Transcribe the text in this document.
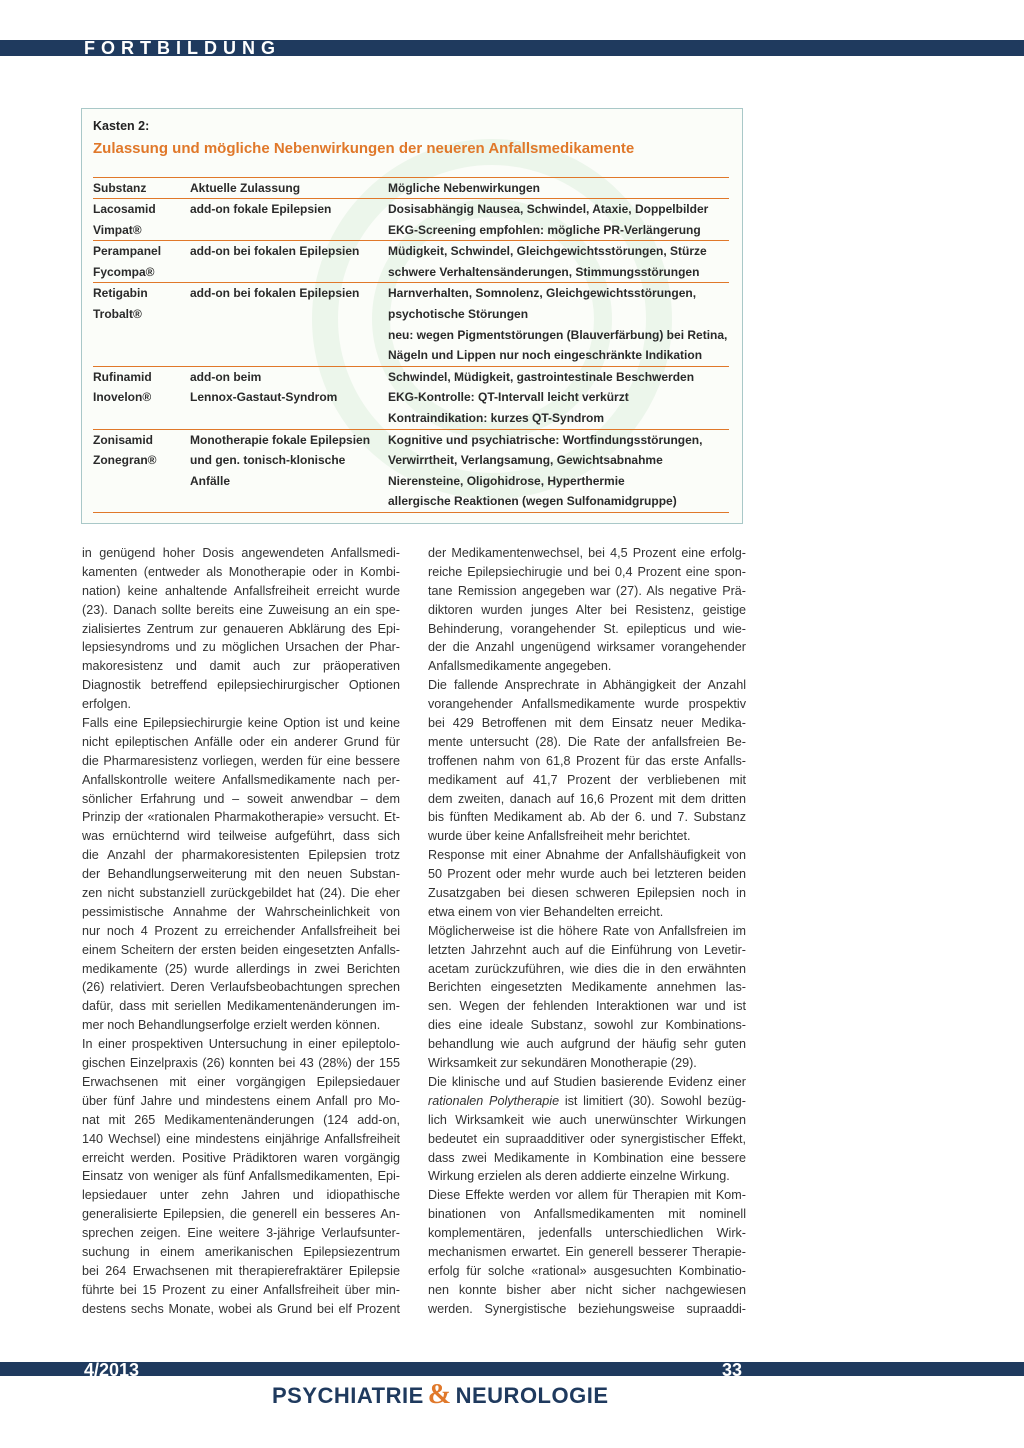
FORTBILDUNG
Kasten 2:
Zulassung und mögliche Nebenwirkungen der neueren Anfallsmedikamente
Substanz	Aktuelle Zulassung	Mögliche Nebenwirkungen

Lacosamid	add-on fokale Epilepsien	Dosisabhängig Nausea, Schwindel, Ataxie, Doppelbilder

Vimpat®		EKG-Screening empfohlen: mögliche PR-Verlängerung

Perampanel	add-on bei fokalen Epilepsien	Müdigkeit, Schwindel, Gleichgewichtsstörungen, Stürze

Fycompa®		schwere Verhaltensänderungen, Stimmungsstörungen

Retigabin	add-on bei fokalen Epilepsien	Harnverhalten, Somnolenz, Gleichgewichtsstörungen,

Trobalt®		psychotische Störungen

		neu: wegen Pigmentstörungen (Blauverfärbung) bei Retina,

		Nägeln und Lippen nur noch eingeschränkte Indikation

Rufinamid	add-on beim	Schwindel, Müdigkeit, gastrointestinale Beschwerden

Inovelon®	Lennox-Gastaut-Syndrom	EKG-Kontrolle: QT-Intervall leicht verkürzt

		Kontraindikation: kurzes QT-Syndrom

Zonisamid	Monotherapie fokale Epilepsien	Kognitive und psychiatrische: Wortfindungsstörungen,

Zonegran®	und gen. tonisch-klonische	Verwirrtheit, Verlangsamung, Gewichtsabnahme

	Anfälle	Nierensteine, Oligohidrose, Hyperthermie

		allergische Reaktionen (wegen Sulfonamidgruppe)
in genügend hoher Dosis angewendeten Anfallsmedi-
kamenten (entweder als Monotherapie oder in Kombi-
nation) keine anhaltende Anfallsfreiheit erreicht wurde
(23). Danach sollte bereits eine Zuweisung an ein spe-
zialisiertes Zentrum zur genaueren Abklärung des Epi-
lepsiesyndroms und zu möglichen Ursachen der Phar-
makoresistenz und damit auch zur präoperativen
Diagnostik betreffend epilepsiechirurgischer Optionen
erfolgen.
Falls eine Epilepsiechirurgie keine Option ist und keine
nicht epileptischen Anfälle oder ein anderer Grund für
die Pharmaresistenz vorliegen, werden für eine bessere
Anfallskontrolle weitere Anfallsmedikamente nach per-
sönlicher Erfahrung und – soweit anwendbar – dem
Prinzip der «rationalen Pharmakotherapie» versucht. Et-
was ernüchternd wird teilweise aufgeführt, dass sich
die Anzahl der pharmakoresistenten Epilepsien trotz
der Behandlungserweiterung mit den neuen Substan-
zen nicht substanziell zurückgebildet hat (24). Die eher
pessimistische Annahme der Wahrscheinlichkeit von
nur noch 4 Prozent zu erreichender Anfallsfreiheit bei
einem Scheitern der ersten beiden eingesetzten Anfalls-
medikamente (25) wurde allerdings in zwei Berichten
(26) relativiert. Deren Verlaufsbeobachtungen sprechen
dafür, dass mit seriellen Medikamentenänderungen im-
mer noch Behandlungserfolge erzielt werden können.
In einer prospektiven Untersuchung in einer epileptolo-
gischen Einzelpraxis (26) konnten bei 43 (28%) der 155
Erwachsenen mit einer vorgängigen Epilepsiedauer
über fünf Jahre und mindestens einem Anfall pro Mo-
nat mit 265 Medikamentenänderungen (124 add-on,
140 Wechsel) eine mindestens einjährige Anfallsfreiheit
erreicht werden. Positive Prädiktoren waren vorgängig
Einsatz von weniger als fünf Anfallsmedikamenten, Epi-
lepsiedauer unter zehn Jahren und idiopathische
generalisierte Epilepsien, die generell ein besseres An-
sprechen zeigen. Eine weitere 3-jährige Verlaufsunter-
suchung in einem amerikanischen Epilepsiezentrum
bei 264 Erwachsenen mit therapierefraktärer Epilepsie
führte bei 15 Prozent zu einer Anfallsfreiheit über min-
destens sechs Monate, wobei als Grund bei elf Prozent
der Medikamentenwechsel, bei 4,5 Prozent eine erfolg-
reiche Epilepsiechirugie und bei 0,4 Prozent eine spon-
tane Remission angegeben war (27). Als negative Prä-
diktoren wurden junges Alter bei Resistenz, geistige
Behinderung, vorangehender St. epilepticus und wie-
der die Anzahl ungenügend wirksamer vorangehender
Anfallsmedikamente angegeben.
Die fallende Ansprechrate in Abhängigkeit der Anzahl
vorangehender Anfallsmedikamente wurde prospektiv
bei 429 Betroffenen mit dem Einsatz neuer Medika-
mente untersucht (28). Die Rate der anfallsfreien Be-
troffenen nahm von 61,8 Prozent für das erste Anfalls-
medikament auf 41,7 Prozent der verbliebenen mit
dem zweiten, danach auf 16,6 Prozent mit dem dritten
bis fünften Medikament ab. Ab der 6. und 7. Substanz
wurde über keine Anfallsfreiheit mehr berichtet.
Response mit einer Abnahme der Anfallshäufigkeit von
50 Prozent oder mehr wurde auch bei letzteren beiden
Zusatzgaben bei diesen schweren Epilepsien noch in
etwa einem von vier Behandelten erreicht.
Möglicherweise ist die höhere Rate von Anfallsfreien im
letzten Jahrzehnt auch auf die Einführung von Levetir-
acetam zurückzuführen, wie dies die in den erwähnten
Berichten eingesetzten Medikamente annehmen las-
sen. Wegen der fehlenden Interaktionen war und ist
dies eine ideale Substanz, sowohl zur Kombinations-
behandlung wie auch aufgrund der häufig sehr guten
Wirksamkeit zur sekundären Monotherapie (29).
Die klinische und auf Studien basierende Evidenz einer
rationalen Polytherapie ist limitiert (30). Sowohl bezüg-
lich Wirksamkeit wie auch unerwünschter Wirkungen
bedeutet ein supraadditiver oder synergistischer Effekt,
dass zwei Medikamente in Kombination eine bessere
Wirkung erzielen als deren addierte einzelne Wirkung.
Diese Effekte werden vor allem für Therapien mit Kom-
binationen von Anfallsmedikamenten mit nominell
komplementären, jedenfalls unterschiedlichen Wirk-
mechanismen erwartet. Ein generell besserer Therapie-
erfolg für solche «rational» ausgesuchten Kombinatio-
nen konnte bisher aber nicht sicher nachgewiesen
werden. Synergistische beziehungsweise supraaddi-
4/2013	33
PSYCHIATRIE & NEUROLOGIE
